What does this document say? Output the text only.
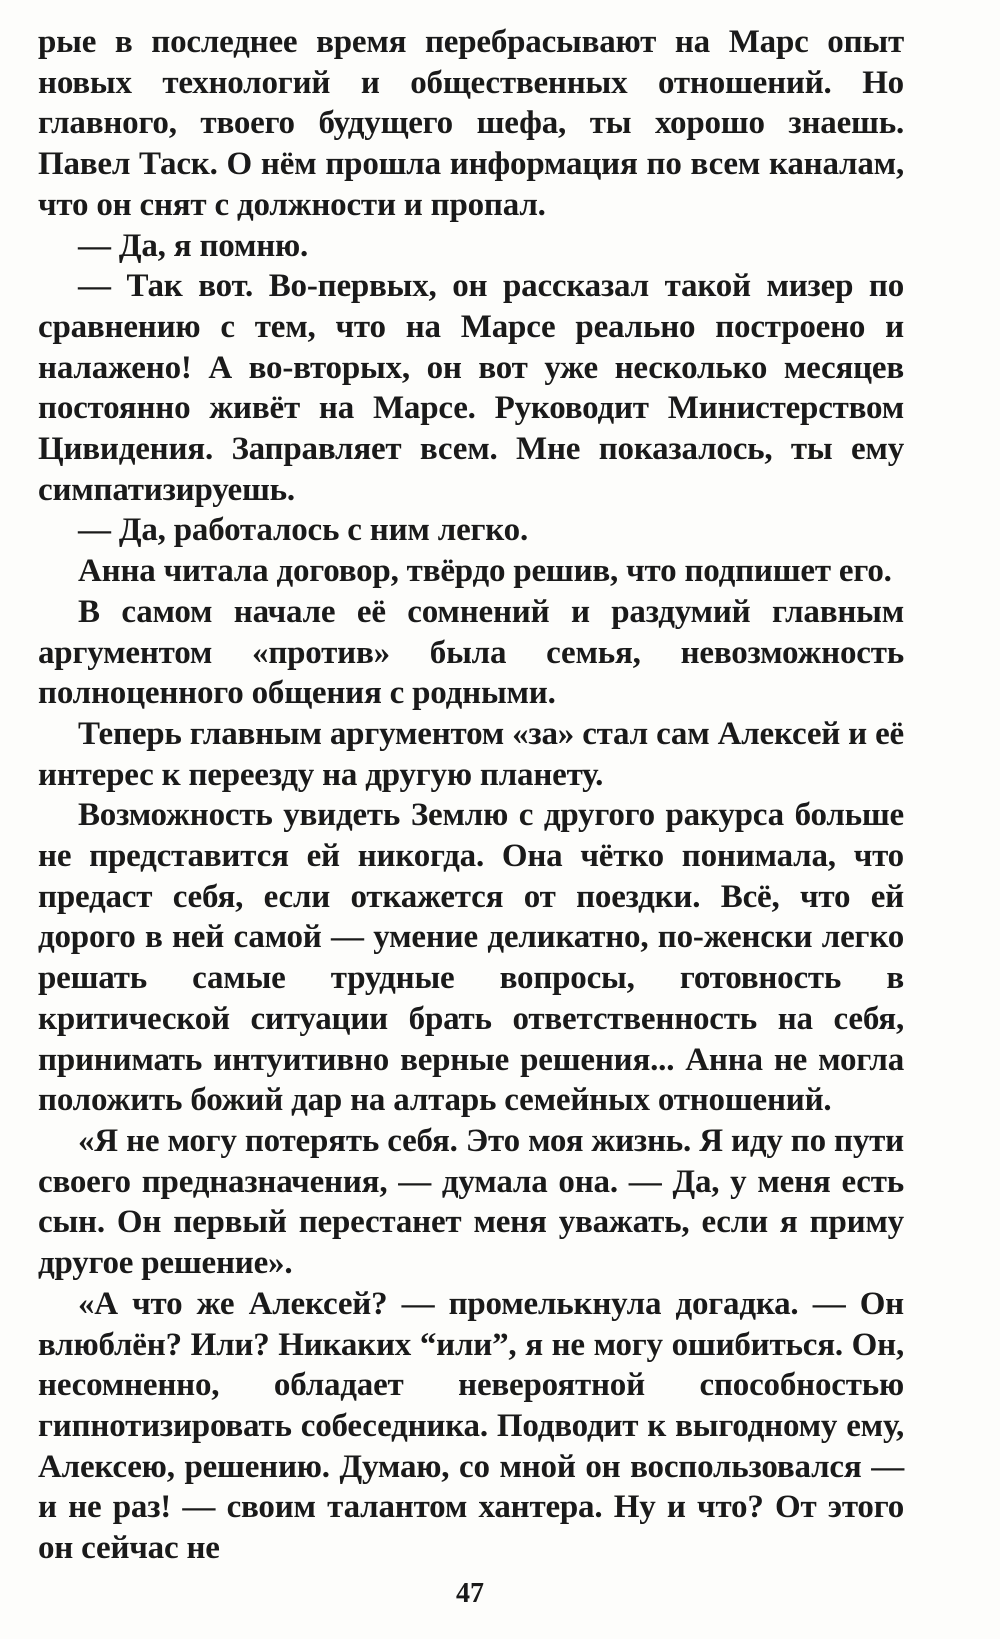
рые в последнее время перебрасывают на Марс опыт новых технологий и общественных отношений. Но главного, твоего будущего шефа, ты хорошо знаешь. Павел Таск. О нём прошла информация по всем каналам, что он снят с должности и пропал.

— Да, я помню.

— Так вот. Во-первых, он рассказал такой мизер по сравнению с тем, что на Марсе реально построено и налажено! А во-вторых, он вот уже несколько месяцев постоянно живёт на Марсе. Руководит Министерством Цивидения. Заправляет всем. Мне показалось, ты ему симпатизируешь.

— Да, работалось с ним легко.

Анна читала договор, твёрдо решив, что подпишет его.

В самом начале её сомнений и раздумий главным аргументом «против» была семья, невозможность полноценного общения с родными.

Теперь главным аргументом «за» стал сам Алексей и её интерес к переезду на другую планету.

Возможность увидеть Землю с другого ракурса больше не представится ей никогда. Она чётко понимала, что предаст себя, если откажется от поездки. Всё, что ей дорого в ней самой — умение деликатно, по-женски легко решать самые трудные вопросы, готовность в критической ситуации брать ответственность на себя, принимать интуитивно верные решения... Анна не могла положить божий дар на алтарь семейных отношений.

«Я не могу потерять себя. Это моя жизнь. Я иду по пути своего предназначения, — думала она. — Да, у меня есть сын. Он первый перестанет меня уважать, если я приму другое решение».

«А что же Алексей? — промелькнула догадка. — Он влюблён? Или? Никаких “или”, я не могу ошибиться. Он, несомненно, обладает невероятной способностью гипнотизировать собеседника. Подводит к выгодному ему, Алексею, решению. Думаю, со мной он воспользовался — и не раз! — своим талантом хантера. Ну и что? От этого он сейчас не

47
